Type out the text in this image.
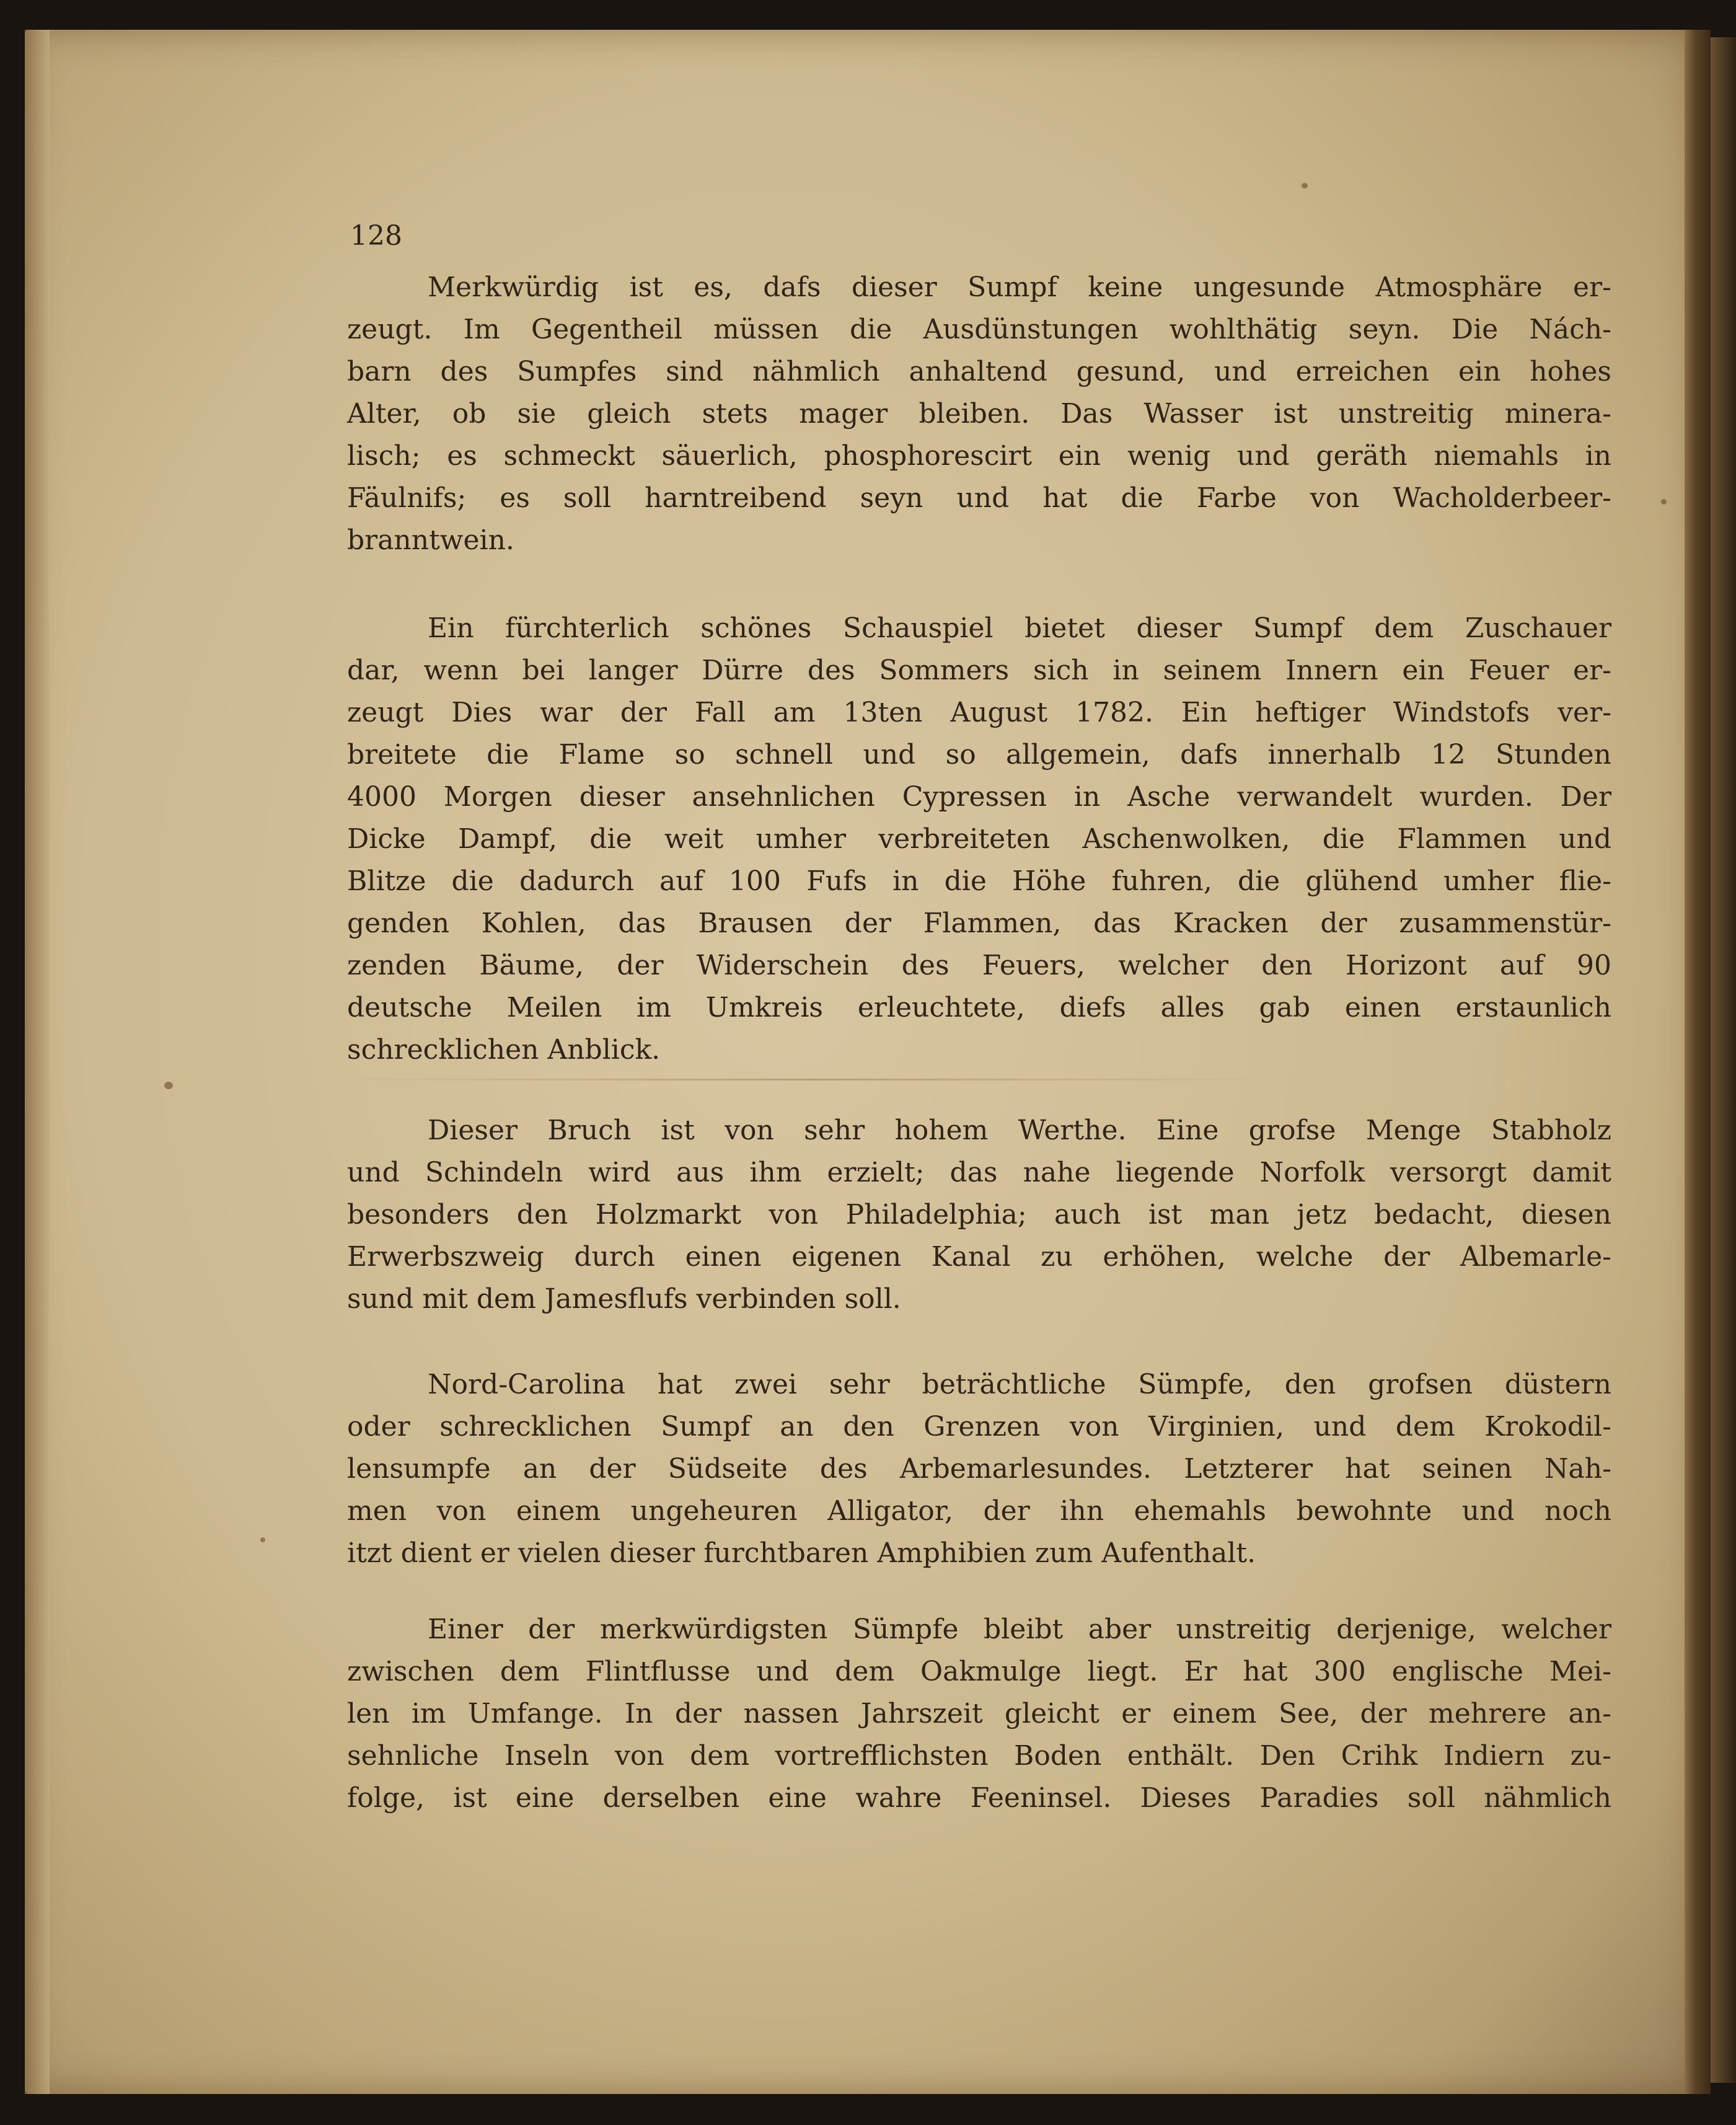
128
Merkwürdig ist es, dafs dieser Sumpf keine ungesunde Atmosphäre er-
zeugt. Im Gegentheil müssen die Ausdünstungen wohlthätig seyn. Die Nách-
barn des Sumpfes sind nähmlich anhaltend gesund, und erreichen ein hohes
Alter, ob sie gleich stets mager bleiben. Das Wasser ist unstreitig minera-
lisch; es schmeckt säuerlich, phosphorescirt ein wenig und geräth niemahls in
Fäulnifs; es soll harntreibend seyn und hat die Farbe von Wacholderbeer-
branntwein.
Ein fürchterlich schönes Schauspiel bietet dieser Sumpf dem Zuschauer
dar, wenn bei langer Dürre des Sommers sich in seinem Innern ein Feuer er-
zeugt Dies war der Fall am 13ten August 1782. Ein heftiger Windstofs ver-
breitete die Flame so schnell und so allgemein, dafs innerhalb 12 Stunden
4000 Morgen dieser ansehnlichen Cypressen in Asche verwandelt wurden. Der
Dicke Dampf, die weit umher verbreiteten Aschenwolken, die Flammen und
Blitze die dadurch auf 100 Fufs in die Höhe fuhren, die glühend umher flie-
genden Kohlen, das Brausen der Flammen, das Kracken der zusammenstür-
zenden Bäume, der Widerschein des Feuers, welcher den Horizont auf 90
deutsche Meilen im Umkreis erleuchtete, diefs alles gab einen erstaunlich
schrecklichen Anblick.
Dieser Bruch ist von sehr hohem Werthe. Eine grofse Menge Stabholz
und Schindeln wird aus ihm erzielt; das nahe liegende Norfolk versorgt damit
besonders den Holzmarkt von Philadelphia; auch ist man jetz bedacht, diesen
Erwerbszweig durch einen eigenen Kanal zu erhöhen, welche der Albemarle-
sund mit dem Jamesflufs verbinden soll.
Nord-Carolina hat zwei sehr beträchtliche Sümpfe, den grofsen düstern
oder schrecklichen Sumpf an den Grenzen von Virginien, und dem Krokodil-
lensumpfe an der Südseite des Arbemarlesundes. Letzterer hat seinen Nah-
men von einem ungeheuren Alligator, der ihn ehemahls bewohnte und noch
itzt dient er vielen dieser furchtbaren Amphibien zum Aufenthalt.
Einer der merkwürdigsten Sümpfe bleibt aber unstreitig derjenige, welcher
zwischen dem Flintflusse und dem Oakmulge liegt. Er hat 300 englische Mei-
len im Umfange. In der nassen Jahrszeit gleicht er einem See, der mehrere an-
sehnliche Inseln von dem vortrefflichsten Boden enthält. Den Crihk Indiern zu-
folge, ist eine derselben eine wahre Feeninsel. Dieses Paradies soll nähmlich
